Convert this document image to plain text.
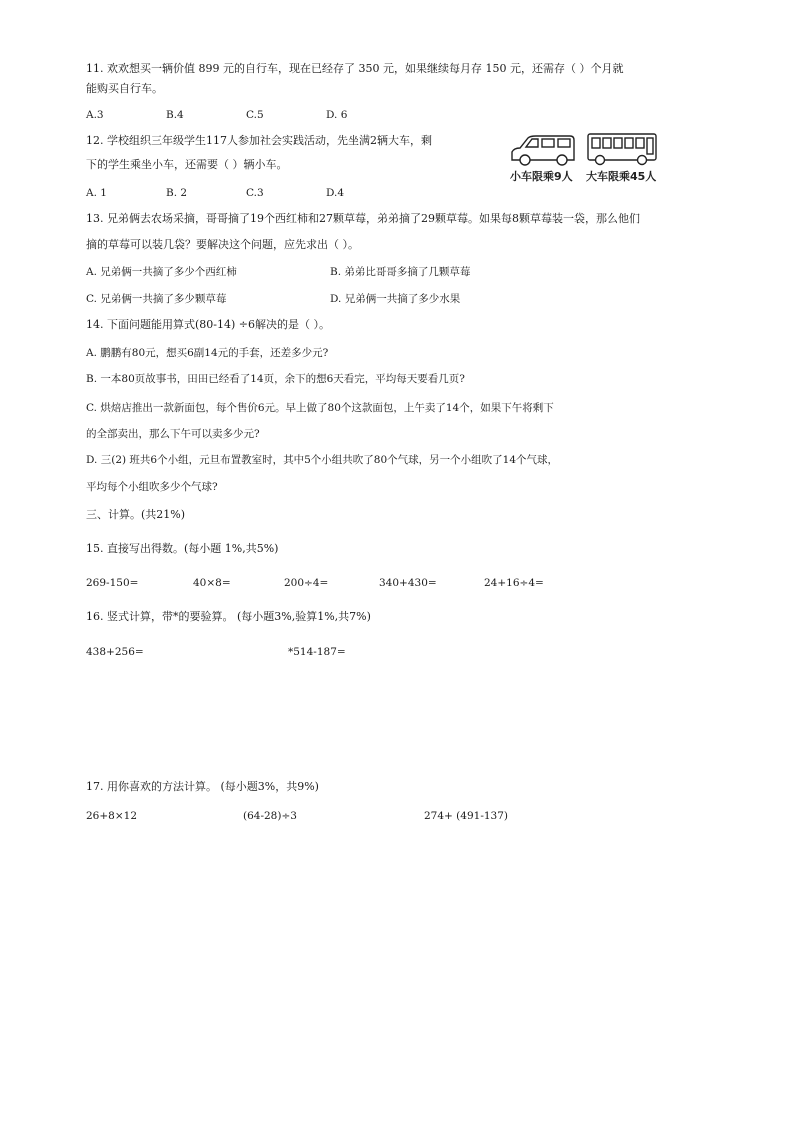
11. 欢欢想买一辆价值 899 元的自行车，现在已经存了 350 元，如果继续每月存 150 元，还需存（ ）个月就
能购买自行车。
A.3	B.4	C.5	D. 6
12. 学校组织三年级学生117人参加社会实践活动，先坐满2辆大车，剩
下的学生乘坐小车，还需要（ ）辆小车。
A. 1	B. 2	C.3	D.4
小车限乘9人 大车限乘45人
13. 兄弟俩去农场采摘，哥哥摘了19个西红柿和27颗草莓，弟弟摘了29颗草莓。如果每8颗草莓装一袋，那么他们
摘的草莓可以装几袋？要解决这个问题，应先求出（ ）。
A. 兄弟俩一共摘了多少个西红柿	B. 弟弟比哥哥多摘了几颗草莓
C. 兄弟俩一共摘了多少颗草莓	D. 兄弟俩一共摘了多少水果
14. 下面问题能用算式(80-14) ÷6解决的是（ ）。
A. 鹏鹏有80元，想买6副14元的手套，还差多少元?
B. 一本80页故事书，田田已经看了14页，余下的想6天看完，平均每天要看几页?
C. 烘焙店推出一款新面包，每个售价6元。早上做了80个这款面包，上午卖了14个，如果下午将剩下
的全部卖出，那么下午可以卖多少元?
D. 三(2) 班共6个小组，元旦布置教室时，其中5个小组共吹了80个气球，另一个小组吹了14个气球，
平均每个小组吹多少个气球?
三、计算。(共21%)
15. 直接写出得数。(每小题 1%,共5%)
269-150=	40×8=	200÷4=	340+430=	24+16÷4=
16. 竖式计算，带*的要验算。 (每小题3%,验算1%,共7%)
438+256=	*514-187=
17. 用你喜欢的方法计算。 (每小题3%，共9%)
26+8×12	(64-28)÷3	274+ (491-137)
